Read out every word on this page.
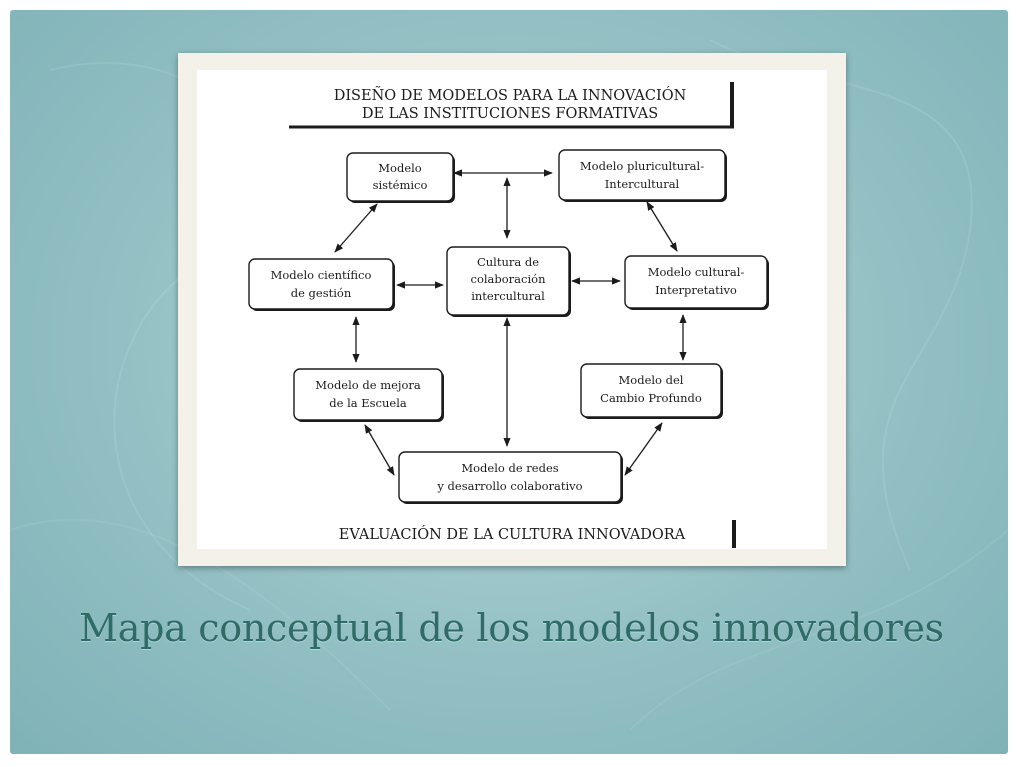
DISEÑO DE MODELOS PARA LA INNOVACIÓN
DE LAS INSTITUCIONES FORMATIVAS
Modelo
sistémico
Modelo pluricultural-
Intercultural
Modelo científico
de gestión
Cultura de
colaboración
intercultural
Modelo cultural-
Interpretativo
Modelo de mejora
de la Escuela
Modelo del
Cambio Profundo
Modelo de redes
y desarrollo colaborativo
EVALUACIÓN DE LA CULTURA INNOVADORA
Mapa conceptual de los modelos innovadores
